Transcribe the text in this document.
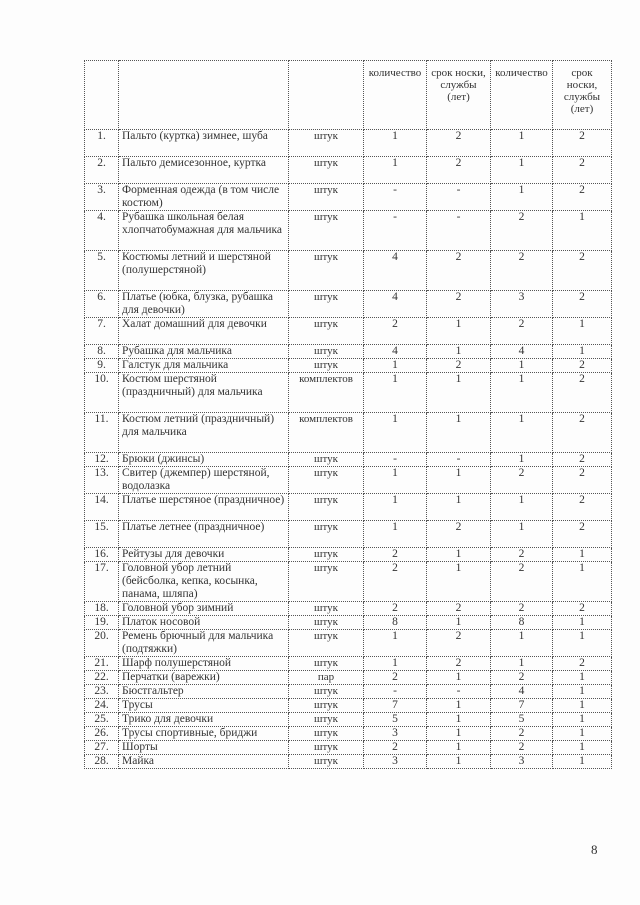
			количество	срок носки, службы (лет)	количество	срок носки, службы (лет)
1.	Пальто (куртка) зимнее, шуба	штук	1	2	1	2
2.	Пальто демисезонное, куртка	штук	1	2	1	2
3.	Форменная одежда (в том числе костюм)	штук	-	-	1	2
4.	Рубашка школьная белая хлопчатобумажная для мальчика	штук	-	-	2	1
5.	Костюмы летний и шерстяной (полушерстяной)	штук	4	2	2	2
6.	Платье (юбка, блузка, рубашка для девочки)	штук	4	2	3	2
7.	Халат домашний для девочки	штук	2	1	2	1
8.	Рубашка для мальчика	штук	4	1	4	1
9.	Галстук для мальчика	штук	1	2	1	2
10.	Костюм шерстяной (праздничный) для мальчика	комплектов	1	1	1	2
11.	Костюм летний (праздничный) для мальчика	комплектов	1	1	1	2
12.	Брюки (джинсы)	штук	-	-	1	2
13.	Свитер (джемпер) шерстяной, водолазка	штук	1	1	2	2
14.	Платье шерстяное (праздничное)	штук	1	1	1	2
15.	Платье летнее (праздничное)	штук	1	2	1	2
16.	Рейтузы для девочки	штук	2	1	2	1
17.	Головной убор летний (бейсболка, кепка, косынка, панама, шляпа)	штук	2	1	2	1
18.	Головной убор зимний	штук	2	2	2	2
19.	Платок носовой	штук	8	1	8	1
20.	Ремень брючный для мальчика (подтяжки)	штук	1	2	1	1
21.	Шарф полушерстяной	штук	1	2	1	2
22.	Перчатки (варежки)	пар	2	1	2	1
23.	Бюстгальтер	штук	-	-	4	1
24.	Трусы	штук	7	1	7	1
25.	Трико для девочки	штук	5	1	5	1
26.	Трусы спортивные, бриджи	штук	3	1	2	1
27.	Шорты	штук	2	1	2	1
28.	Майка	штук	3	1	3	1
8
